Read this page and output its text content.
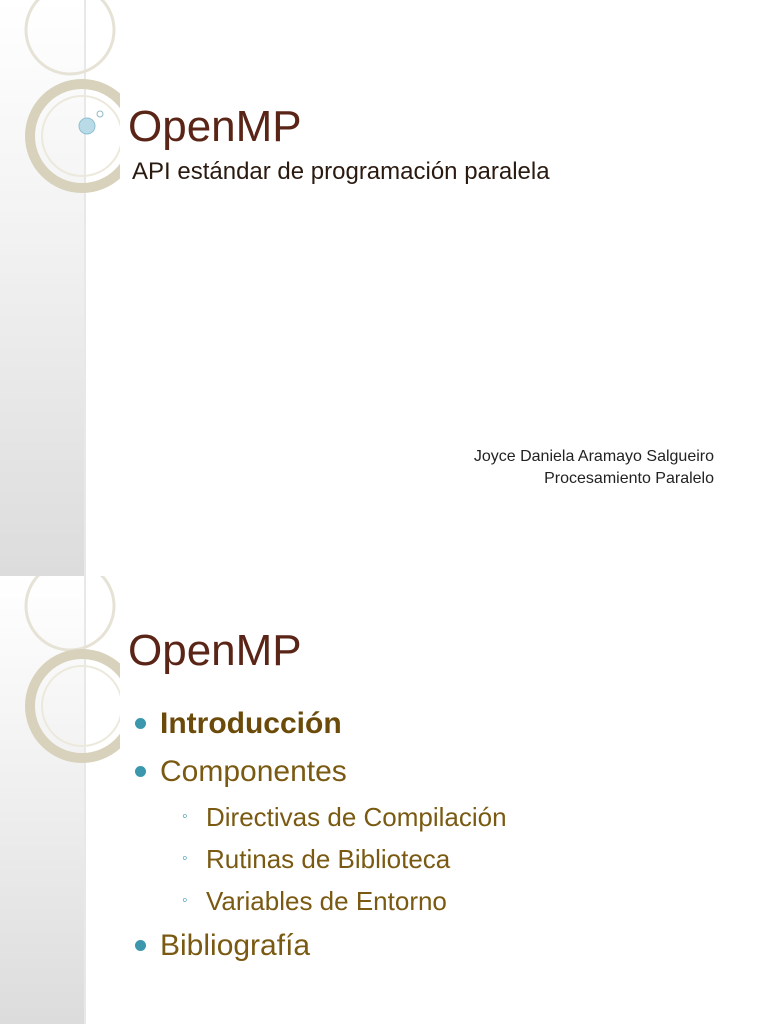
OpenMP
API estándar de programación paralela
Joyce Daniela Aramayo Salgueiro
Procesamiento Paralelo
OpenMP
Introducción
Componentes
◦ Directivas de Compilación
◦ Rutinas de Biblioteca
◦ Variables de Entorno
Bibliografía
